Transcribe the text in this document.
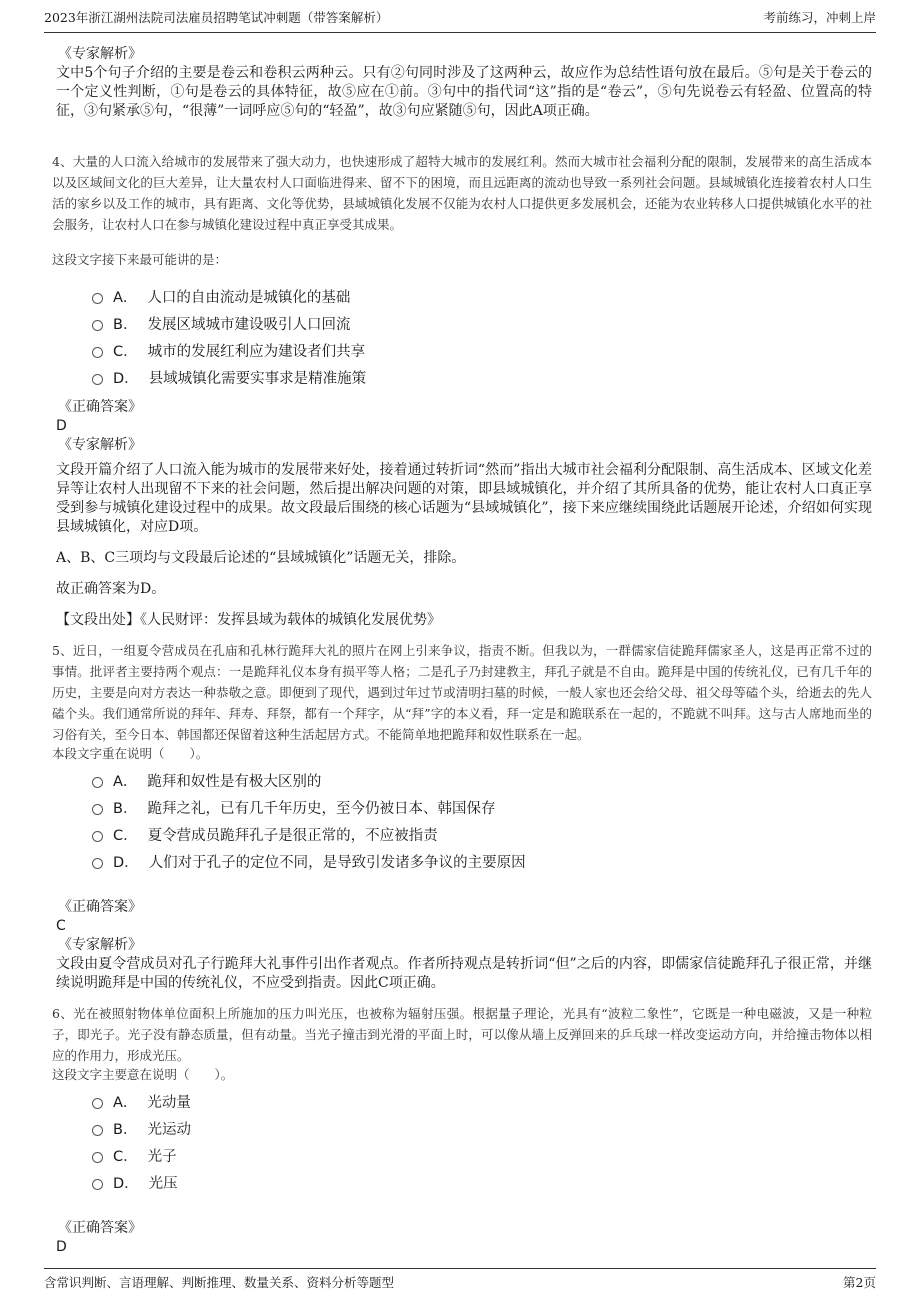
2023年浙江湖州法院司法雇员招聘笔试冲刺题（带答案解析）	考前练习，冲刺上岸
《专家解析》
文中5个句子介绍的主要是卷云和卷积云两种云。只有②句同时涉及了这两种云，故应作为总结性语句放在最后。⑤句是关于卷云的一个定义性判断，①句是卷云的具体特征，故⑤应在①前。③句中的指代词“这”指的是“卷云”，⑤句先说卷云有轻盈、位置高的特征，③句紧承⑤句，“很薄”一词呼应⑤句的“轻盈”，故③句应紧随⑤句，因此A项正确。
4、大量的人口流入给城市的发展带来了强大动力，也快速形成了超特大城市的发展红利。然而大城市社会福利分配的限制，发展带来的高生活成本以及区域间文化的巨大差异，让大量农村人口面临进得来、留不下的困境，而且远距离的流动也导致一系列社会问题。县域城镇化连接着农村人口生活的家乡以及工作的城市，具有距离、文化等优势，县域城镇化发展不仅能为农村人口提供更多发展机会，还能为农业转移人口提供城镇化水平的社会服务，让农村人口在参与城镇化建设过程中真正享受其成果。
这段文字接下来最可能讲的是：
A． 人口的自由流动是城镇化的基础
B． 发展区域城市建设吸引人口回流
C． 城市的发展红利应为建设者们共享
D． 县域城镇化需要实事求是精准施策
《正确答案》
D
《专家解析》
文段开篇介绍了人口流入能为城市的发展带来好处，接着通过转折词“然而”指出大城市社会福利分配限制、高生活成本、区域文化差异等让农村人出现留不下来的社会问题，然后提出解决问题的对策，即县域城镇化，并介绍了其所具备的优势，能让农村人口真正享受到参与城镇化建设过程中的成果。故文段最后围绕的核心话题为“县域城镇化”，接下来应继续围绕此话题展开论述，介绍如何实现县域城镇化，对应D项。
A、B、C三项均与文段最后论述的“县域城镇化”话题无关，排除。
故正确答案为D。
【文段出处】《人民财评：发挥县域为载体的城镇化发展优势》
5、近日，一组夏令营成员在孔庙和孔林行跪拜大礼的照片在网上引来争议，指责不断。但我以为，一群儒家信徒跪拜儒家圣人，这是再正常不过的事情。批评者主要持两个观点：一是跪拜礼仪本身有损平等人格；二是孔子乃封建教主，拜孔子就是不自由。跪拜是中国的传统礼仪，已有几千年的历史，主要是向对方表达一种恭敬之意。即便到了现代，遇到过年过节或清明扫墓的时候，一般人家也还会给父母、祖父母等磕个头，给逝去的先人磕个头。我们通常所说的拜年、拜寿、拜祭，都有一个拜字，从“拜”字的本义看，拜一定是和跪联系在一起的，不跪就不叫拜。这与古人席地而坐的习俗有关，至今日本、韩国都还保留着这种生活起居方式。不能简单地把跪拜和奴性联系在一起。
本段文字重在说明（　　）。
A． 跪拜和奴性是有极大区别的
B． 跪拜之礼，已有几千年历史，至今仍被日本、韩国保存
C． 夏令营成员跪拜孔子是很正常的，不应被指责
D． 人们对于孔子的定位不同，是导致引发诸多争议的主要原因
《正确答案》
C
《专家解析》
文段由夏令营成员对孔子行跪拜大礼事件引出作者观点。作者所持观点是转折词“但”之后的内容，即儒家信徒跪拜孔子很正常，并继续说明跪拜是中国的传统礼仪，不应受到指责。因此C项正确。
6、光在被照射物体单位面积上所施加的压力叫光压，也被称为辐射压强。根据量子理论，光具有“波粒二象性”，它既是一种电磁波，又是一种粒子，即光子。光子没有静态质量，但有动量。当光子撞击到光滑的平面上时，可以像从墙上反弹回来的乒乓球一样改变运动方向，并给撞击物体以相应的作用力，形成光压。
这段文字主要意在说明（　　）。
A． 光动量
B． 光运动
C． 光子
D． 光压
《正确答案》
D
含常识判断、言语理解、判断推理、数量关系、资料分析等题型	第2页
